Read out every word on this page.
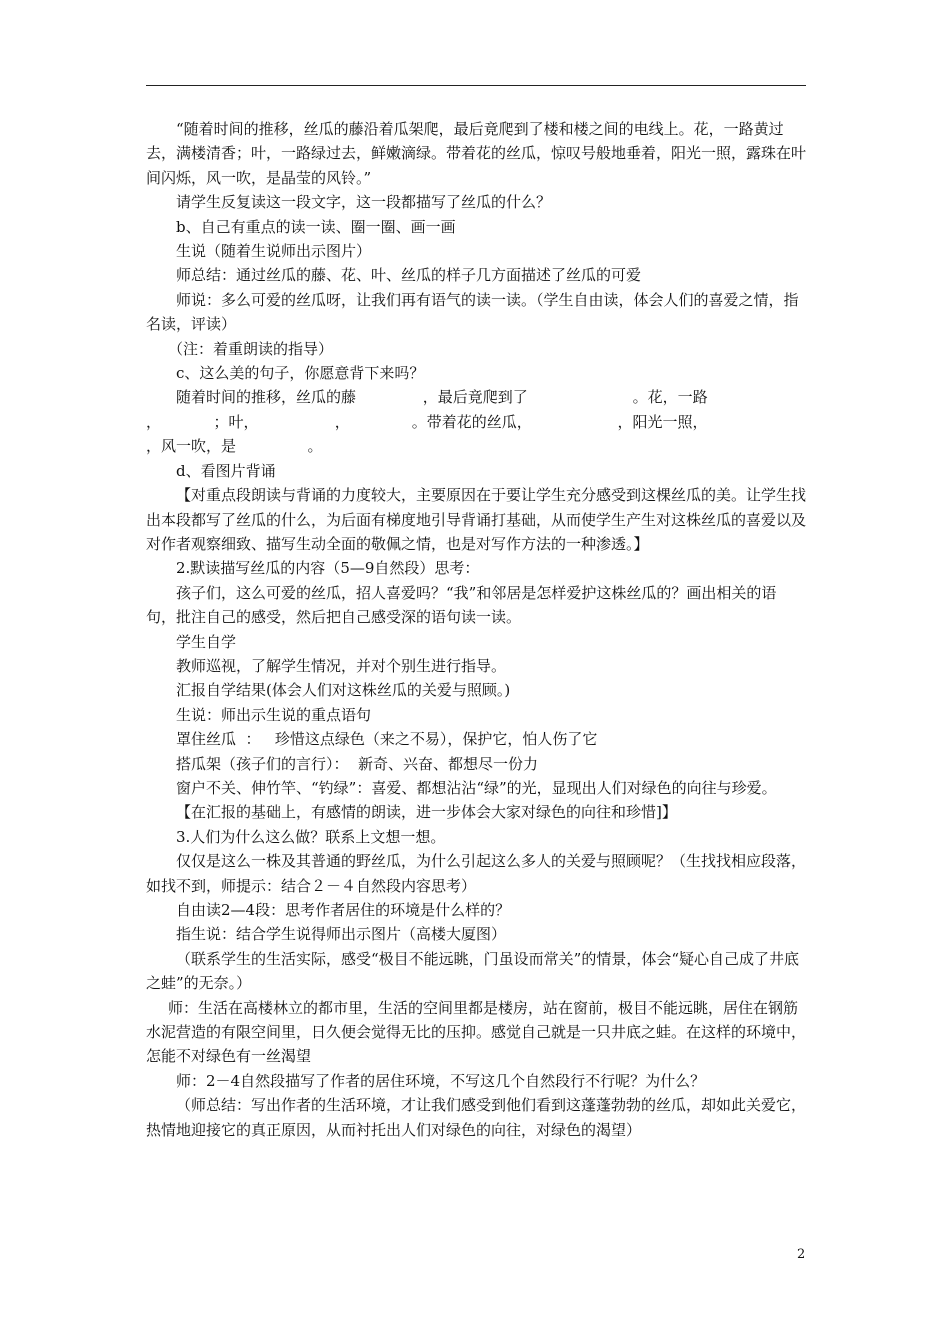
“随着时间的推移，丝瓜的藤沿着瓜架爬，最后竟爬到了楼和楼之间的电线上。花，一路黄过去，满楼清香；叶，一路绿过去，鲜嫩滴绿。带着花的丝瓜，惊叹号般地垂着，阳光一照，露珠在叶间闪烁，风一吹，是晶莹的风铃。”

请学生反复读这一段文字，这一段都描写了丝瓜的什么？

b、自己有重点的读一读、圈一圈、画一画

生说（随着生说师出示图片）

师总结：通过丝瓜的藤、花、叶、丝瓜的样子几方面描述了丝瓜的可爱

师说：多么可爱的丝瓜呀，让我们再有语气的读一读。（学生自由读，体会人们的喜爱之情，指名读，评读）

（注：着重朗读的指导）

c、这么美的句子，你愿意背下来吗？

随着时间的推移，丝瓜的藤              ，最后竟爬到了                      。花，一路

，           ；叶，                ，             。带着花的丝瓜，                  ，阳光一照，

，风一吹，是               。

d、看图片背诵

【对重点段朗读与背诵的力度较大，主要原因在于要让学生充分感受到这棵丝瓜的美。让学生找出本段都写了丝瓜的什么，为后面有梯度地引导背诵打基础，从而使学生产生对这株丝瓜的喜爱以及对作者观察细致、描写生动全面的敬佩之情，也是对写作方法的一种渗透。】

2.默读描写丝瓜的内容（5—9自然段）思考：

孩子们，这么可爱的丝瓜，招人喜爱吗？“我”和邻居是怎样爱护这株丝瓜的？画出相关的语句，批注自己的感受，然后把自己感受深的语句读一读。

学生自学

教师巡视，了解学生情况，并对个别生进行指导。

汇报自学结果(体会人们对这株丝瓜的关爱与照顾。)

生说：师出示生说的重点语句

罩住丝瓜  ：   珍惜这点绿色（来之不易），保护它，怕人伤了它

搭瓜架（孩子们的言行）：  新奇、兴奋、都想尽一份力

窗户不关、伸竹竿、“钓绿”：喜爱、都想沾沾“绿”的光，显现出人们对绿色的向往与珍爱。

【在汇报的基础上，有感情的朗读，进一步体会大家对绿色的向往和珍惜]】

3.人们为什么这么做？联系上文想一想。

仅仅是这么一株及其普通的野丝瓜，为什么引起这么多人的关爱与照顾呢？（生找找相应段落，如找不到，师提示：结合２－４自然段内容思考）

自由读2—4段：思考作者居住的环境是什么样的？

指生说：结合学生说得师出示图片（高楼大厦图）

（联系学生的生活实际，感受“极目不能远眺，门虽设而常关”的情景，体会“疑心自己成了井底之蛙”的无奈。）

师：生活在高楼林立的都市里，生活的空间里都是楼房，站在窗前，极目不能远眺，居住在钢筋水泥营造的有限空间里，日久便会觉得无比的压抑。感觉自己就是一只井底之蛙。在这样的环境中，怎能不对绿色有一丝渴望

师：2－4自然段描写了作者的居住环境，不写这几个自然段行不行呢？为什么？

（师总结：写出作者的生活环境，才让我们感受到他们看到这蓬蓬勃勃的丝瓜，却如此关爱它，热情地迎接它的真正原因，从而衬托出人们对绿色的向往，对绿色的渴望）

2
